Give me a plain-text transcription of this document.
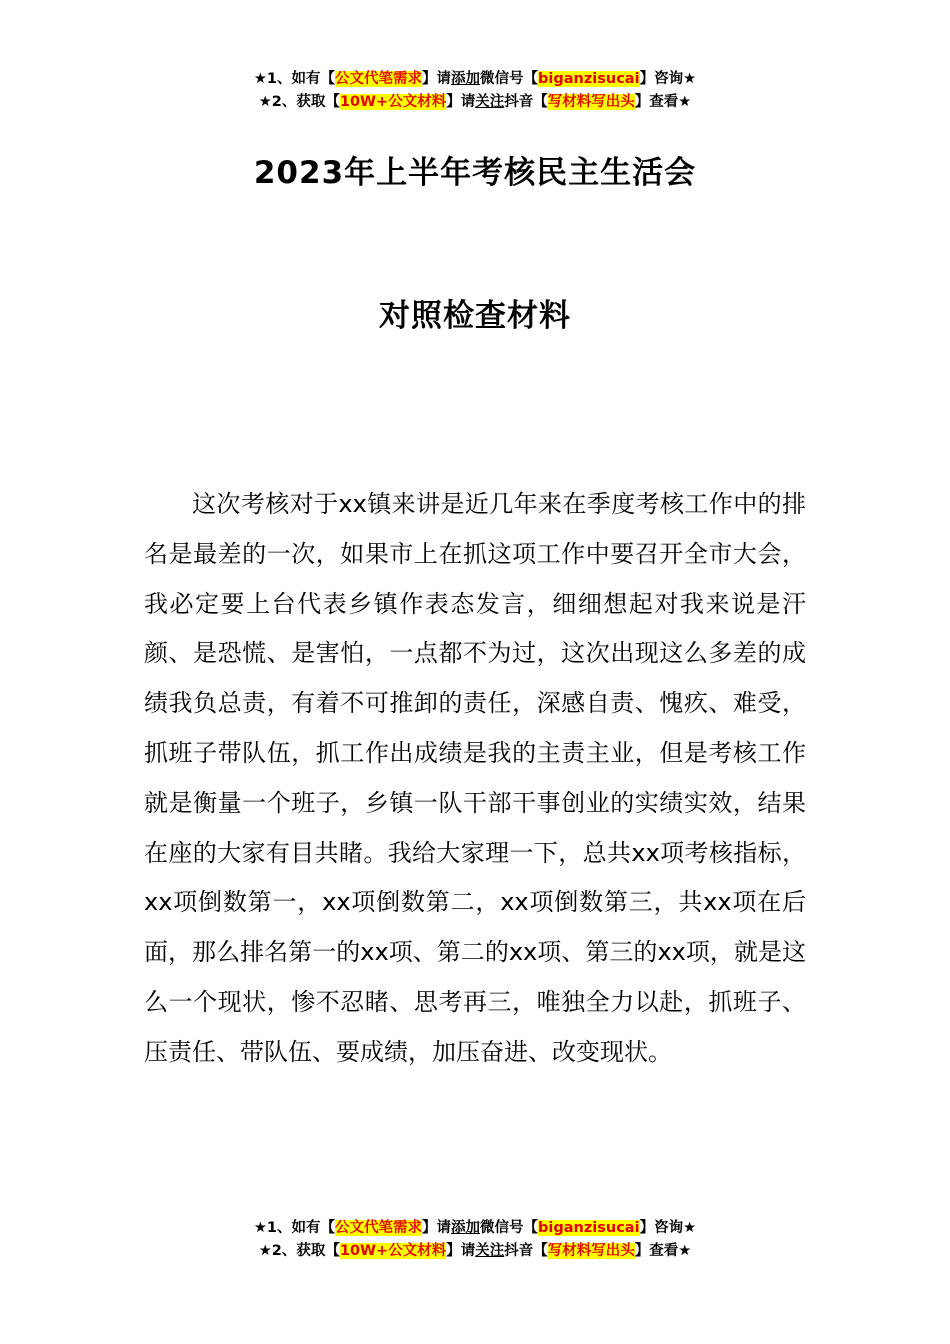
★1、如有【公文代笔需求】请添加微信号【biganzisucai】咨询★
★2、获取【10W+公文材料】请关注抖音【写材料写出头】查看★
2023年上半年考核民主生活会
对照检查材料

这次考核对于xx镇来讲是近几年来在季度考核工作中的排名是最差的一次，如果市上在抓这项工作中要召开全市大会，我必定要上台代表乡镇作表态发言，细细想起对我来说是汗颜、是恐慌、是害怕，一点都不为过，这次出现这么多差的成绩我负总责，有着不可推卸的责任，深感自责、愧疚、难受，抓班子带队伍，抓工作出成绩是我的主责主业，但是考核工作就是衡量一个班子，乡镇一队干部干事创业的实绩实效，结果在座的大家有目共睹。我给大家理一下，总共xx项考核指标，xx项倒数第一，xx项倒数第二，xx项倒数第三，共xx项在后面，那么排名第一的xx项、第二的xx项、第三的xx项，就是这么一个现状，惨不忍睹、思考再三，唯独全力以赴，抓班子、压责任、带队伍、要成绩，加压奋进、改变现状。

★1、如有【公文代笔需求】请添加微信号【biganzisucai】咨询★
★2、获取【10W+公文材料】请关注抖音【写材料写出头】查看★
